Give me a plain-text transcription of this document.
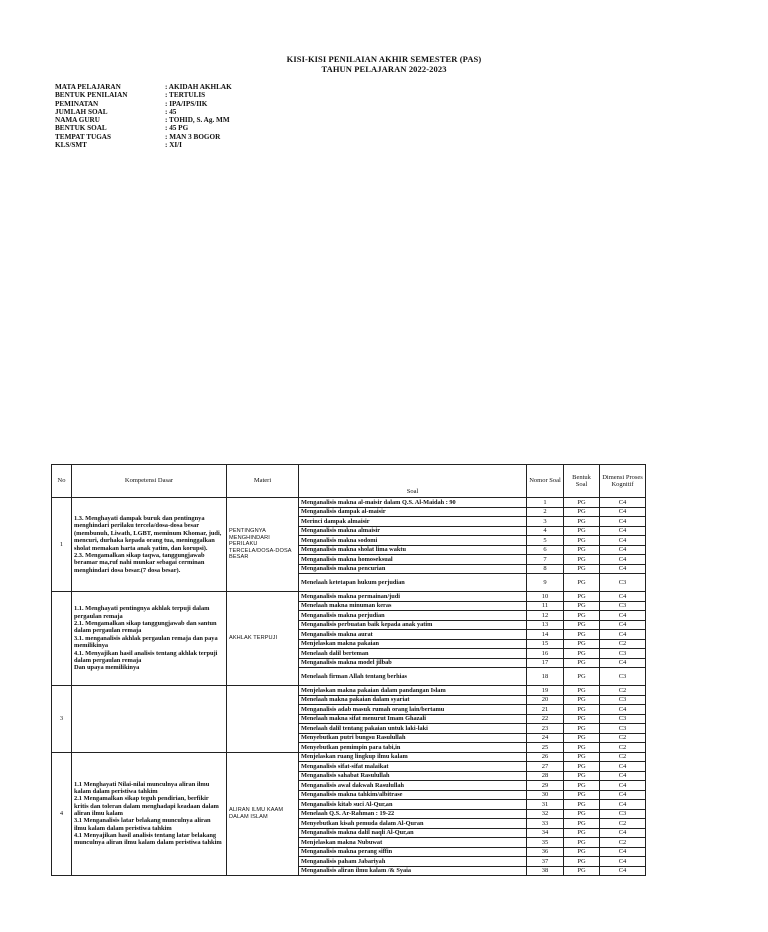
KISI-KISI PENILAIAN AKHIR SEMESTER (PAS)
TAHUN PELAJARAN 2022-2023
MATA PELAJARAN	: AKIDAH AKHLAK
BENTUK PENILAIAN	: TERTULIS
PEMINATAN	: IPA/IPS/IIK
JUMLAH SOAL	: 45
NAMA GURU	: TOHID, S. Ag. MM
BENTUK SOAL	: 45 PG
TEMPAT TUGAS	: MAN 3 BOGOR
KLS/SMT	: XI/I
No	Kompetensi Dasar	Materi	Soal	Nomor Soal	Bentuk Soal	Dimensi Proses Kognitif
1	1.3. Menghayati dampak buruk dan pentingnya menghindari perilaku tercela/dosa-dosa besar (membunuh, Liwath, LGBT, meminum Khomar, judi, mencuri, durhaka kepada orang tua, meninggalkan sholat memakan harta anak yatim, dan korupsi).

2.3. Mengamalkan sikap taqwa, tanggungjawab beramar ma,ruf nahi munkar sebagai cerminan menghindari dosa besar.(7 dosa besar).	PENTINGNYA MENGHINDARI PERILAKU TERCELA/DOSA-DOSA BESAR	Menganalisis makna al-maisir dalam Q.S. Al-Maidah : 90	1	PG	C4
			Menganalisis dampak al-maisir	2	PG	C4
			Merinci dampak almaisir	3	PG	C4
			Menganalisis makna almaisir	4	PG	C4
			Menganalisis makna sodomi	5	PG	C4
			Menganalisis makna sholat lima waktu	6	PG	C4
			Menganalisis makna homoseksual	7	PG	C4
			Menganalisis makna pencurian	8	PG	C4
			Menelaah ketetapan hukum perjudian	9	PG	C3

	1.1. Menghayati pentingnya akhlak terpuji dalam pergaulan remaja

2.1. Mengamalkan sikap tanggungjawab dan santun dalam pergaulan remaja

3.1. menganalisis akhlak pergaulan remaja dan paya memilikinya

4.1. Menyajikan hasil analisis tentang akhlak terpuji dalam pergaulan remaja

Dan upaya memilikinya	AKHLAK TERPUJI	Menganalisis makna permainan/judi	10	PG	C4
			Menelaah makna minuman keras	11	PG	C3
			Menganalisis makna perjudian	12	PG	C4
			Menganalisis perbuatan baik kepada anak yatim	13	PG	C4
			Menganalisis makna aurat	14	PG	C4
			Menjelaskan makna pakaian	15	PG	C2
			Menelaah dalil berteman	16	PG	C3
			Menganalisis makna model jilbab	17	PG	C4
			Menelaah firman Allah tentang berhias	18	PG	C3
3			Menjelaskan makna pakaian dalam pandangan Islam	19	PG	C2
			Menelaah makna pakaian dalam syariat	20	PG	C3
			Menganalisis adab masuk rumah orang lain/bertamu	21	PG	C4
			Menelaah makna sifat menurut Imam Ghazali	22	PG	C3
			Menelaah dalil tentang pakaian untuk laki-laki	23	PG	C3
			Menyebutkan putri bungsu Rasulullah	24	PG	C2
			Menyebutkan pemimpin para tabi,in	25	PG	C2
4	1.1 Menghayati Nilai-nilai munculnya aliran ilmu kalam dalam peristiwa tahkim

2.1 Mengamalkan sikap teguh pendirian, berfikir kritis dan toleran dalam menghadapi keadaan dalam aliran ilmu kalam

3.1 Menganalisis latar belakang munculnya aliran ilmu kalam dalam peristiwa tahkim

4.1 Menyajikan hasil analisis tentang latar belakang munculnya aliran ilmu kalam dalam peristiwa tahkim	ALIRAN ILMU KAAM DALAM ISLAM	Menjelaskan ruang lingkup ilmu kalam	26	PG	C2
			Menganalisis sifat-sifat malaikat	27	PG	C4
			Menganalisis sahabat Rasulullah	28	PG	C4
			Menganalisis awal dakwah Rasulullah	29	PG	C4
			Menganalisis makna tahkim/albitrase	30	PG	C4
			Menganalisis kitab suci Al-Qur,an	31	PG	C4
			Menelaah Q.S. Ar-Rahman : 19-22	32	PG	C3
			Menyebutkan kisah pemuda dalam Al-Quran	33	PG	C2
			Menganalisis makna dalil naqli Al-Qur,an	34	PG	C4
			Menjelaskan makna Nubuwat	35	PG	C2
			Menganalisis makna perang siffin	36	PG	C4
			Menganalisis paham Jabariyah	37	PG	C4
			Menganalisis aliran ilmu kalam /& Syaia	38	PG	C4
